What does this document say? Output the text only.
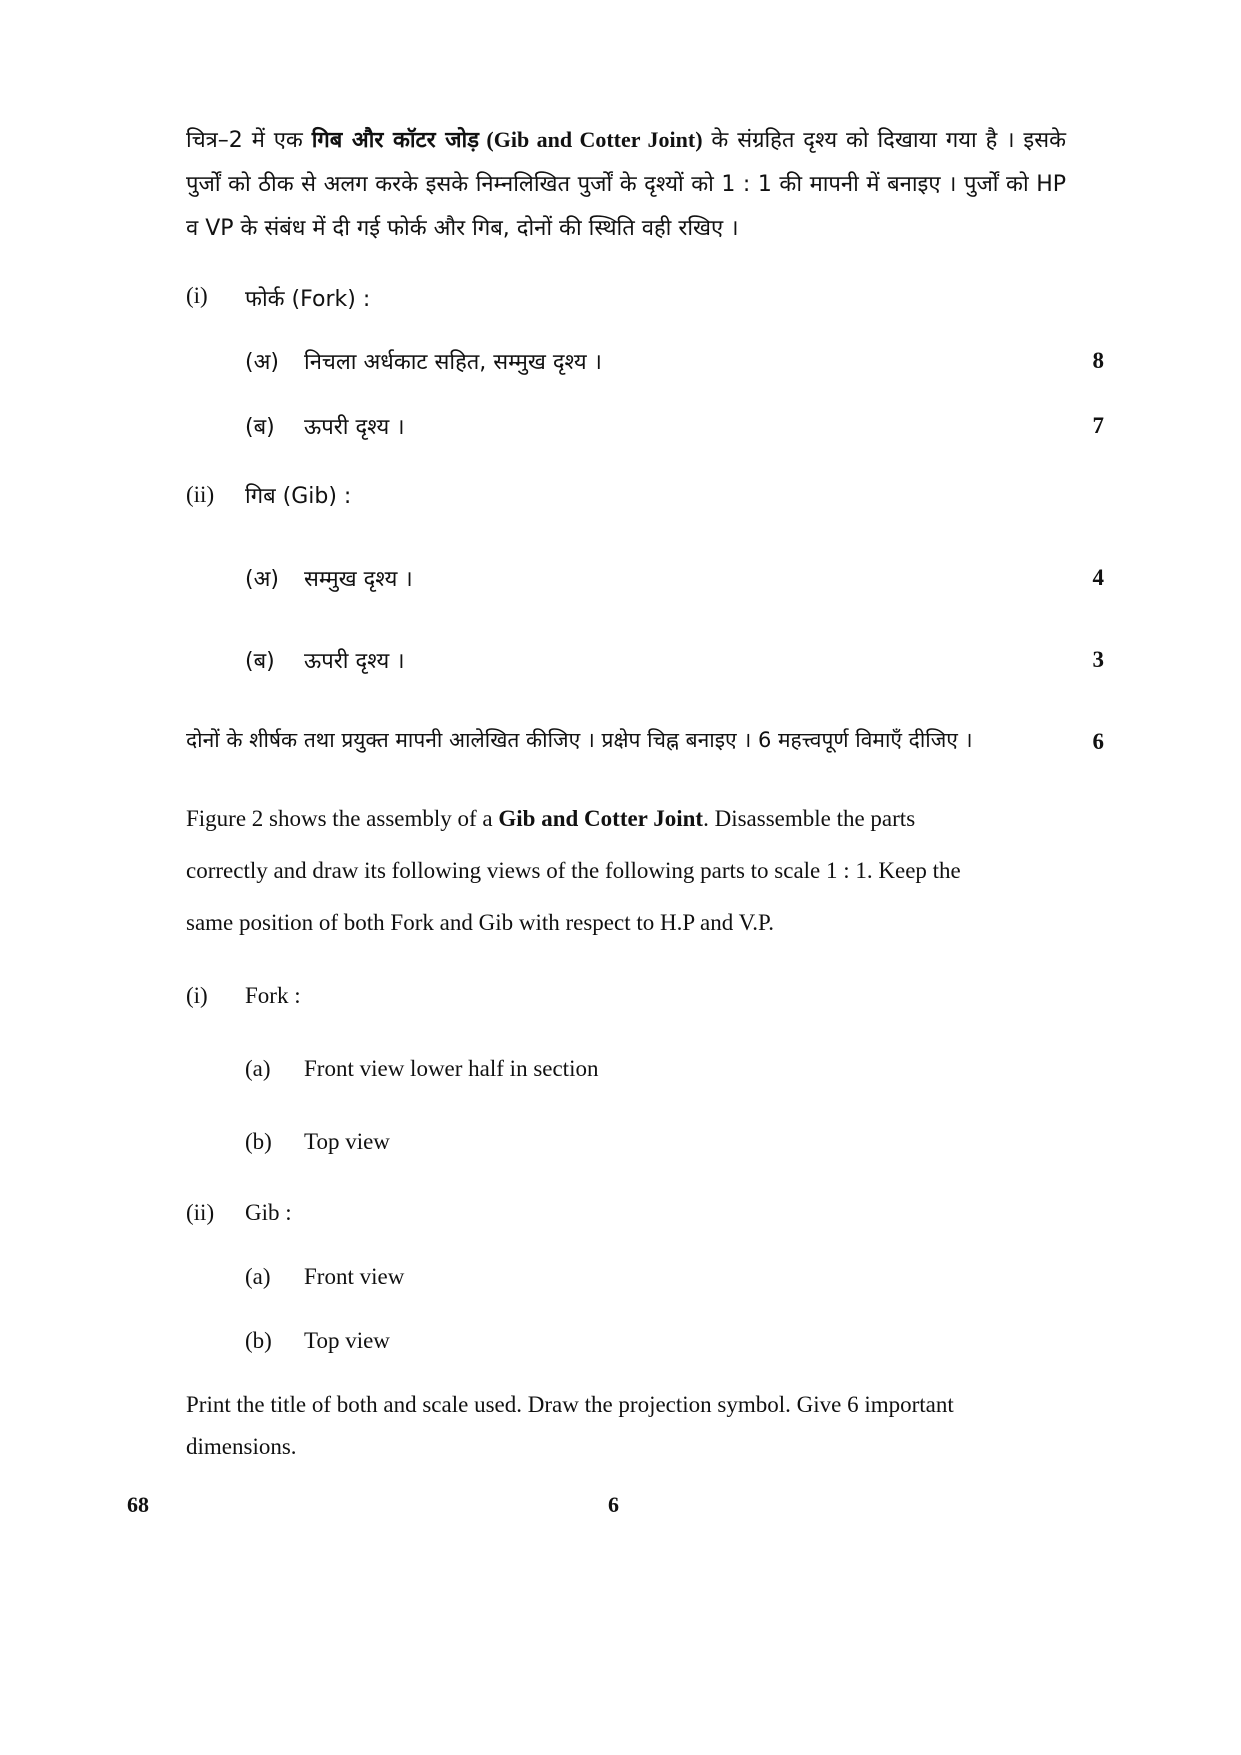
चित्र–2 में एक गिब और कॉटर जोड़ (Gib and Cotter Joint) के संग्रहित दृश्य को दिखाया गया है । इसके पुर्जों को ठीक से अलग करके इसके निम्नलिखित पुर्जों के दृश्यों को 1 : 1 की मापनी में बनाइए । पुर्जों को HP व VP के संबंध में दी गई फोर्क और गिब, दोनों की स्थिति वही रखिए ।
(i) फोर्क (Fork) :
(अ) निचला अर्धकाट सहित, सम्मुख दृश्य ।	8
(ब) ऊपरी दृश्य ।	7
(ii) गिब (Gib) :
(अ) सम्मुख दृश्य ।	4
(ब) ऊपरी दृश्य ।	3
दोनों के शीर्षक तथा प्रयुक्त मापनी आलेखित कीजिए । प्रक्षेप चिह्न बनाइए । 6 महत्त्वपूर्ण विमाएँ दीजिए ।	6
Figure 2 shows the assembly of a Gib and Cotter Joint. Disassemble the parts
correctly and draw its following views of the following parts to scale 1 : 1. Keep the
same position of both Fork and Gib with respect to H.P and V.P.
(i) Fork :
(a) Front view lower half in section
(b) Top view
(ii) Gib :
(a) Front view
(b) Top view
Print the title of both and scale used. Draw the projection symbol. Give 6 important
dimensions.
68	6
